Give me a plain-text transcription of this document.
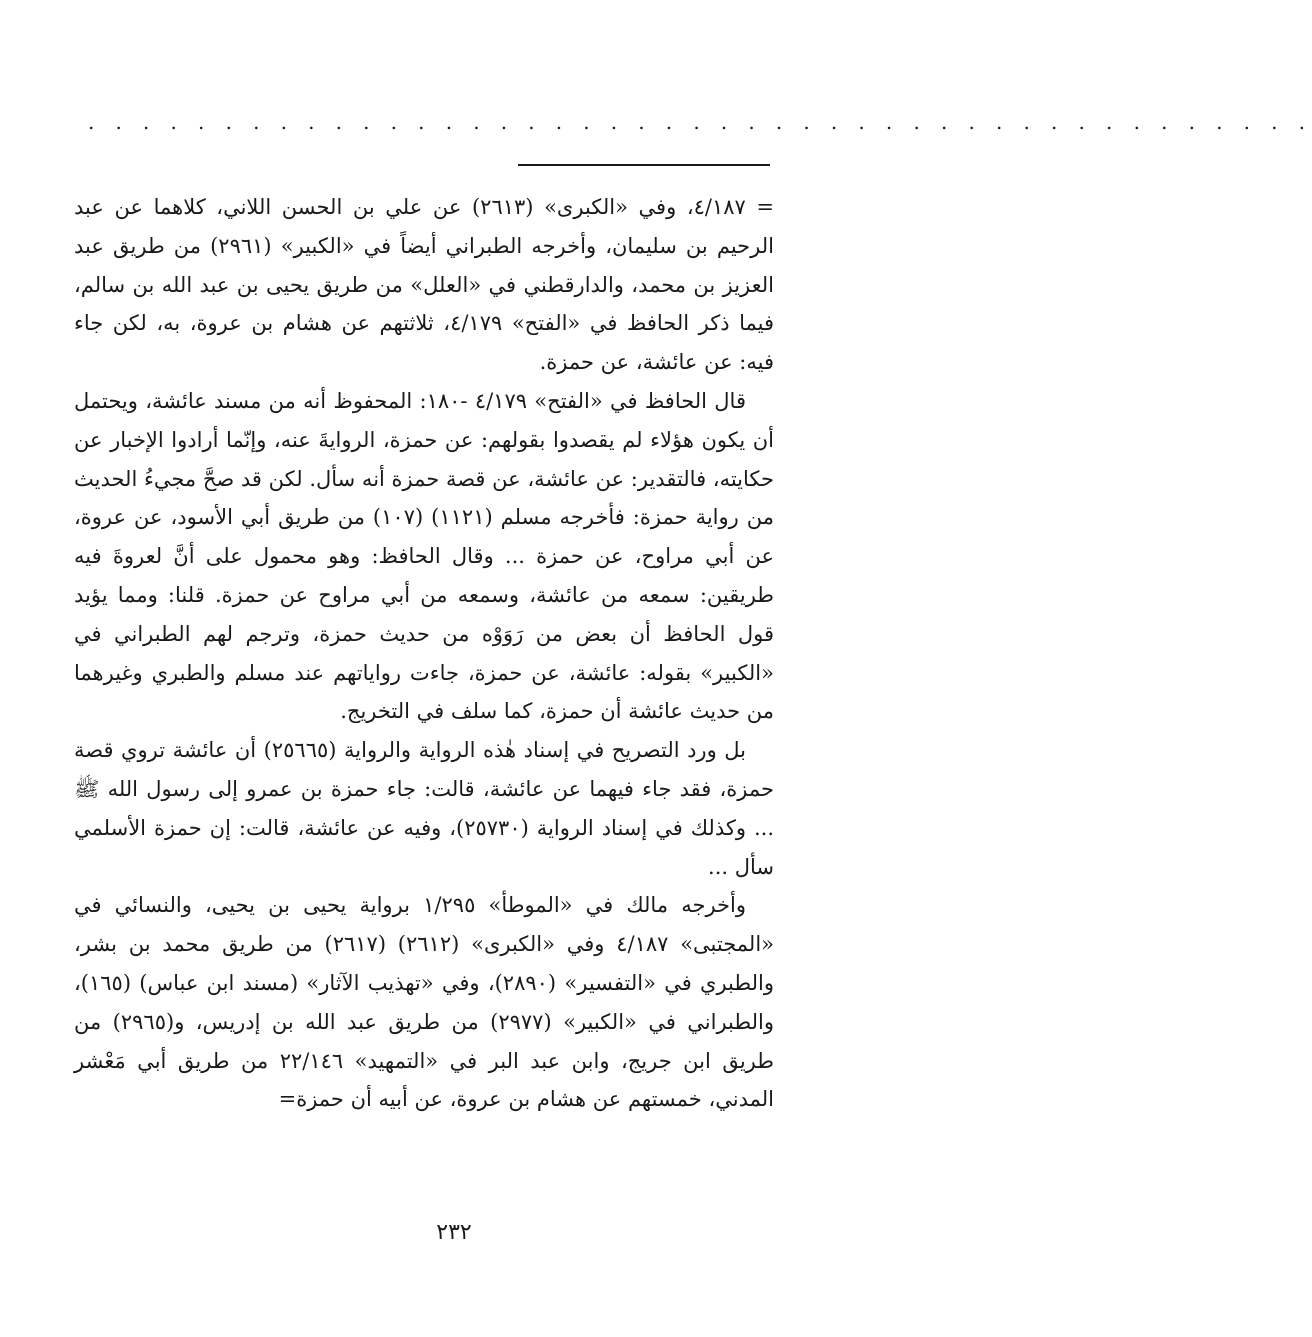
. . . . . . . . . . . . . . . . . . . . . . . . . . . . . . . . . . . . . . . . . . . . .

= ٤/١٨٧، وفي «الكبرى» (٢٦١٣) عن علي بن الحسن اللاني، كلاهما عن عبد الرحيم بن سليمان، وأخرجه الطبراني أيضاً في «الكبير» (٢٩٦١) من طريق عبد العزيز بن محمد، والدارقطني في «العلل» من طريق يحيى بن عبد الله بن سالم، فيما ذكر الحافظ في «الفتح» ٤/١٧٩، ثلاثتهم عن هشام بن عروة، به، لكن جاء فيه: عن عائشة، عن حمزة.

قال الحافظ في «الفتح» ٤/١٧٩ -١٨٠: المحفوظ أنه من مسند عائشة، ويحتمل أن يكون هؤلاء لم يقصدوا بقولهم: عن حمزة، الروايةَ عنه، وإنّما أرادوا الإخبار عن حكايته، فالتقدير: عن عائشة، عن قصة حمزة أنه سأل. لكن قد صحَّ مجيءُ الحديث من رواية حمزة: فأخرجه مسلم (١١٢١) (١٠٧) من طريق أبي الأسود، عن عروة، عن أبي مراوح، عن حمزة ... وقال الحافظ: وهو محمول على أنَّ لعروةَ فيه طريقين: سمعه من عائشة، وسمعه من أبي مراوح عن حمزة. قلنا: ومما يؤيد قول الحافظ أن بعض من رَوَوْه من حديث حمزة، وترجم لهم الطبراني في «الكبير» بقوله: عائشة، عن حمزة، جاءت رواياتهم عند مسلم والطبري وغيرهما من حديث عائشة أن حمزة، كما سلف في التخريج.

بل ورد التصريح في إسناد هٰذه الرواية والرواية (٢٥٦٦٥) أن عائشة تروي قصة حمزة، فقد جاء فيهما عن عائشة، قالت: جاء حمزة بن عمرو إلى رسول الله ﷺ ... وكذلك في إسناد الرواية (٢٥٧٣٠)، وفيه عن عائشة، قالت: إن حمزة الأسلمي سأل ...

وأخرجه مالك في «الموطأ» ١/٢٩٥ برواية يحيى بن يحيى، والنسائي في «المجتبى» ٤/١٨٧ وفي «الكبرى» (٢٦١٢) (٢٦١٧) من طريق محمد بن بشر، والطبري في «التفسير» (٢٨٩٠)، وفي «تهذيب الآثار» (مسند ابن عباس) (١٦٥)، والطبراني في «الكبير» (٢٩٧٧) من طريق عبد الله بن إدريس، و(٢٩٦٥) من طريق ابن جريج، وابن عبد البر في «التمهيد» ٢٢/١٤٦ من طريق أبي مَعْشر المدني، خمستهم عن هشام بن عروة، عن أبيه أن حمزة=

٢٣٢
